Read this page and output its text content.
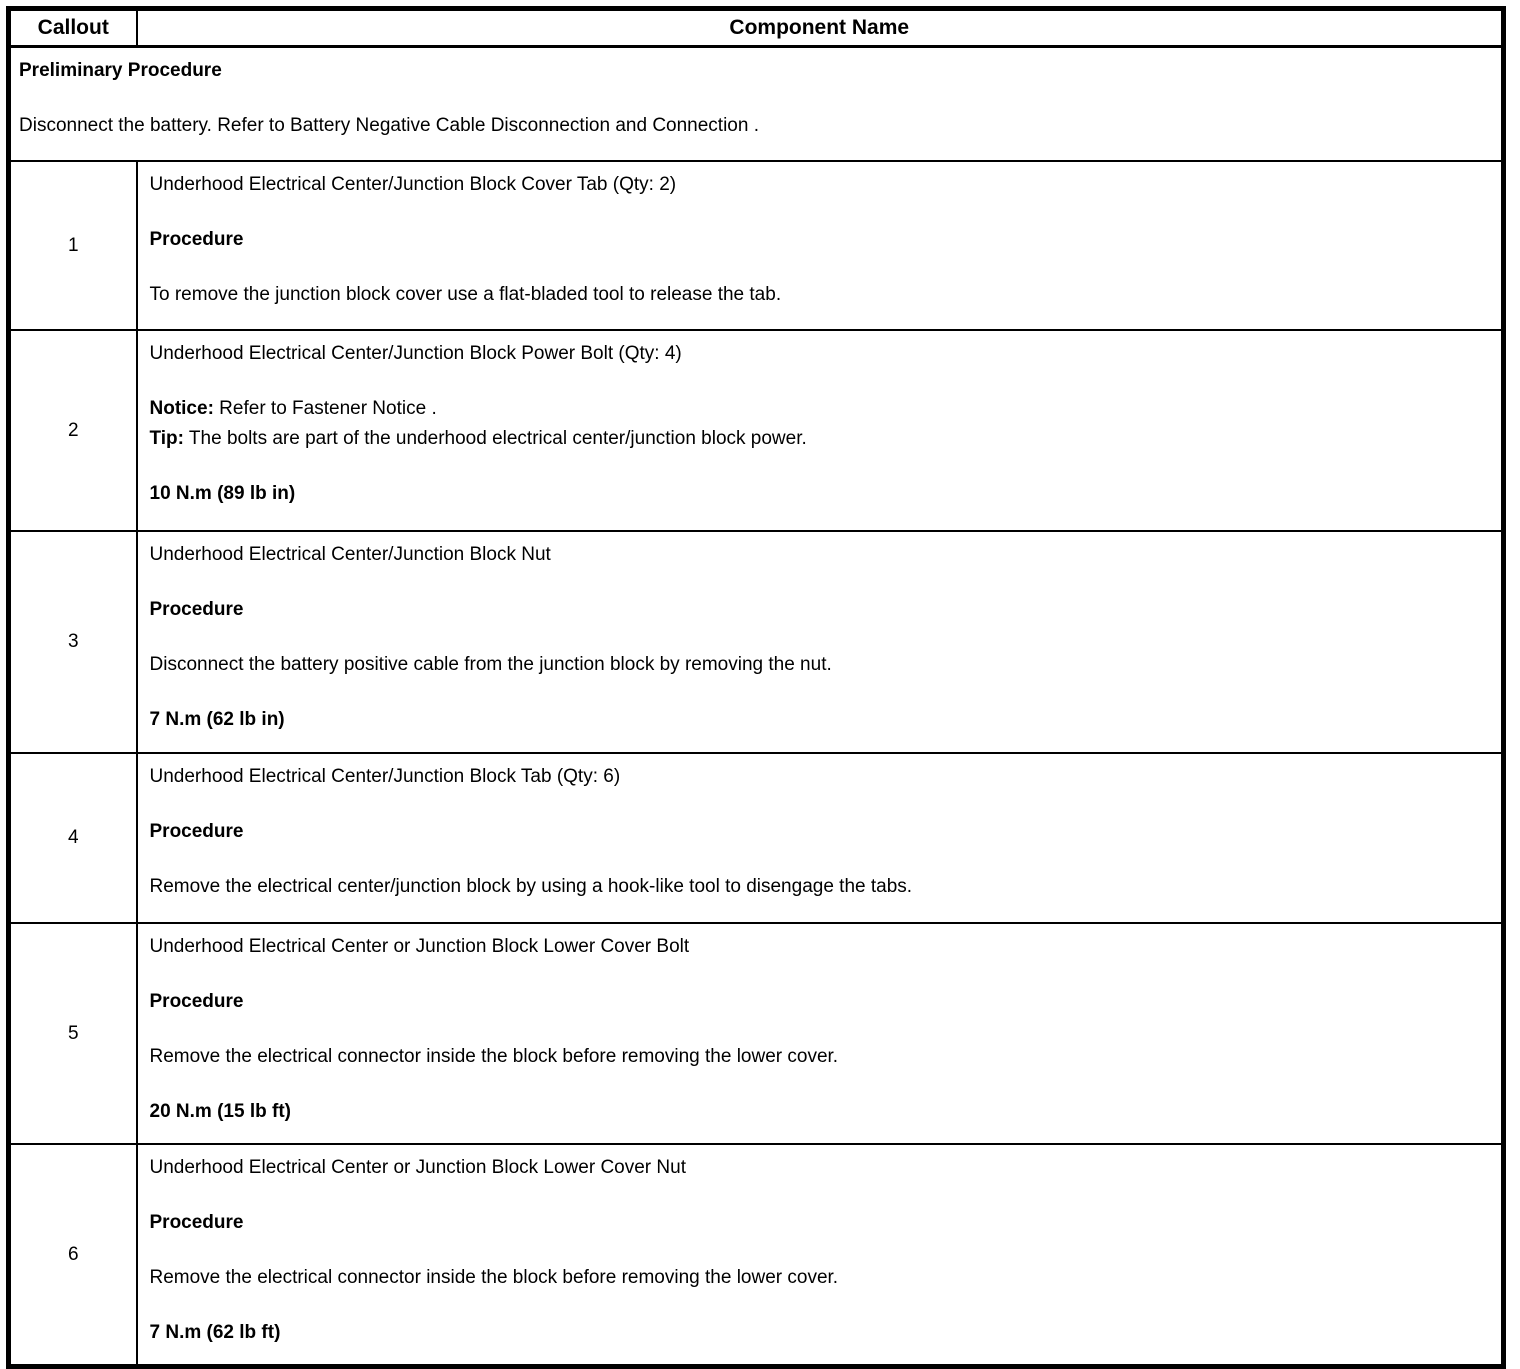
Callout	Component Name

Preliminary Procedure
Disconnect the battery. Refer to Battery Negative Cable Disconnection and Connection .	

1	Underhood Electrical Center/Junction Block Cover Tab (Qty: 2)
Procedure
To remove the junction block cover use a flat-bladed tool to release the tab.

2	Underhood Electrical Center/Junction Block Power Bolt (Qty: 4)
Notice: Refer to Fastener Notice .
Tip: The bolts are part of the underhood electrical center/junction block power.
10 N.m (89 lb in)

3	Underhood Electrical Center/Junction Block Nut
Procedure
Disconnect the battery positive cable from the junction block by removing the nut.
7 N.m (62 lb in)

4	Underhood Electrical Center/Junction Block Tab (Qty: 6)
Procedure
Remove the electrical center/junction block by using a hook-like tool to disengage the tabs.

5	Underhood Electrical Center or Junction Block Lower Cover Bolt
Procedure
Remove the electrical connector inside the block before removing the lower cover.
20 N.m (15 lb ft)

6	Underhood Electrical Center or Junction Block Lower Cover Nut
Procedure
Remove the electrical connector inside the block before removing the lower cover.
7 N.m (62 lb ft)
